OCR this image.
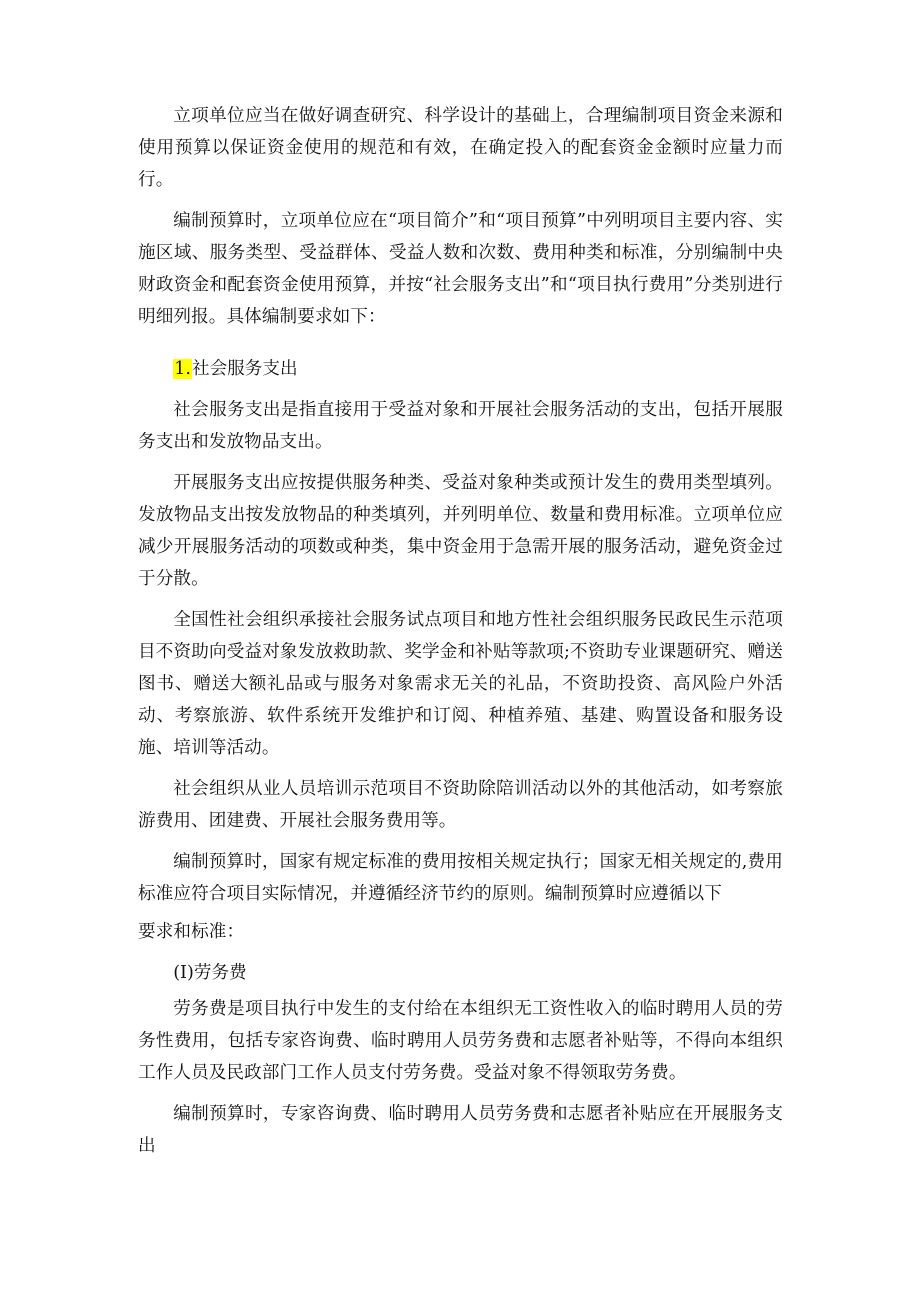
立项单位应当在做好调查研究、科学设计的基础上，合理编制项目资金来源和使用预算以保证资金使用的规范和有效，在确定投入的配套资金金额时应量力而行。

编制预算时，立项单位应在“项目简介”和“项目预算”中列明项目主要内容、实施区域、服务类型、受益群体、受益人数和次数、费用种类和标准，分别编制中央财政资金和配套资金使用预算，并按“社会服务支出”和“项目执行费用”分类别进行明细列报。具体编制要求如下：

1.社会服务支出

社会服务支出是指直接用于受益对象和开展社会服务活动的支出，包括开展服务支出和发放物品支出。

开展服务支出应按提供服务种类、受益对象种类或预计发生的费用类型填列。发放物品支出按发放物品的种类填列，并列明单位、数量和费用标准。立项单位应减少开展服务活动的项数或种类，集中资金用于急需开展的服务活动，避免资金过于分散。

全国性社会组织承接社会服务试点项目和地方性社会组织服务民政民生示范项目不资助向受益对象发放救助款、奖学金和补贴等款项;不资助专业课题研究、赠送图书、赠送大额礼品或与服务对象需求无关的礼品，不资助投资、高风险户外活动、考察旅游、软件系统开发维护和订阅、种植养殖、基建、购置设备和服务设施、培训等活动。

社会组织从业人员培训示范项目不资助除陪训活动以外的其他活动，如考察旅游费用、团建费、开展社会服务费用等。

编制预算时，国家有规定标准的费用按相关规定执行；国家无相关规定的,费用标准应符合项目实际情况，并遵循经济节约的原则。编制预算时应遵循以下

要求和标准：

(I)劳务费

劳务费是项目执行中发生的支付给在本组织无工资性收入的临时聘用人员的劳务性费用，包括专家咨询费、临时聘用人员劳务费和志愿者补贴等，不得向本组织工作人员及民政部门工作人员支付劳务费。受益对象不得领取劳务费。

编制预算时，专家咨询费、临时聘用人员劳务费和志愿者补贴应在开展服务支出
